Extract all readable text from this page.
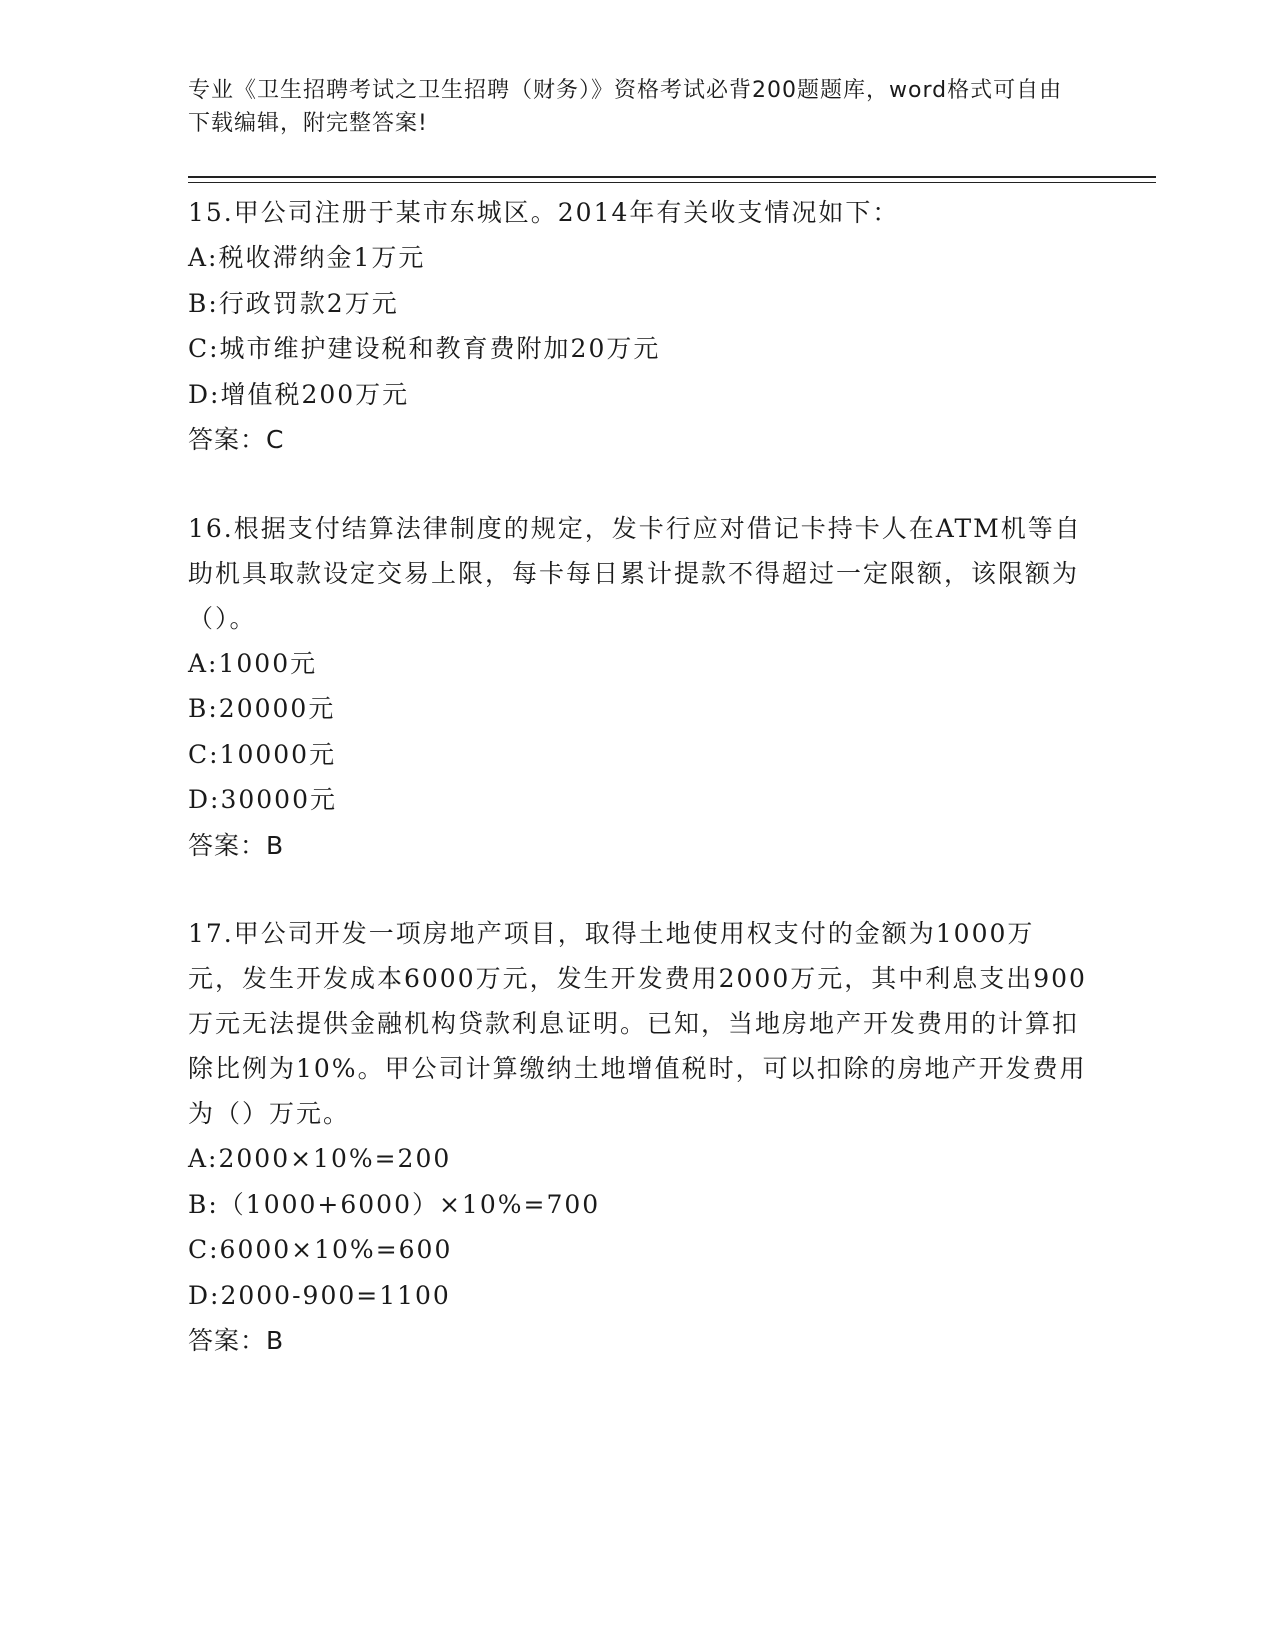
专业《卫生招聘考试之卫生招聘（财务）》资格考试必背200题题库，word格式可自由下载编辑，附完整答案!

15.甲公司注册于某市东城区。2014年有关收支情况如下：

A:税收滞纳金1万元

B:行政罚款2万元

C:城市维护建设税和教育费附加20万元

D:增值税200万元

答案：C

16.根据支付结算法律制度的规定，发卡行应对借记卡持卡人在ATM机等自助机具取款设定交易上限，每卡每日累计提款不得超过一定限额，该限额为（）。

A:1000元

B:20000元

C:10000元

D:30000元

答案：B

17.甲公司开发一项房地产项目，取得土地使用权支付的金额为1000万元，发生开发成本6000万元，发生开发费用2000万元，其中利息支出900万元无法提供金融机构贷款利息证明。已知，当地房地产开发费用的计算扣除比例为10%。甲公司计算缴纳土地增值税时，可以扣除的房地产开发费用为（）万元。

A:2000×10%=200

B:（1000+6000）×10%=700

C:6000×10%=600

D:2000-900=1100

答案：B
